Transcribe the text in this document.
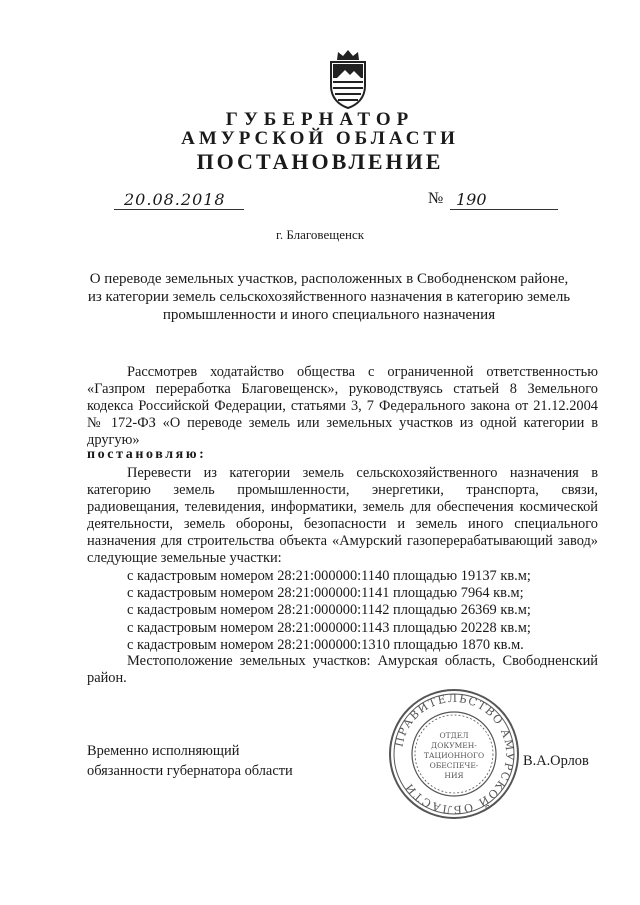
ГУБЕРНАТОР
АМУРСКОЙ ОБЛАСТИ
ПОСТАНОВЛЕНИЕ
20.08.2018	№ 190
г. Благовещенск
О переводе земельных участков, расположенных в Свободненском районе, из категории земель сельскохозяйственного назначения в категорию земель промышленности и иного специального назначения
Рассмотрев ходатайство общества с ограниченной ответственностью «Газпром переработка Благовещенск», руководствуясь статьей 8 Земельного кодекса Российской Федерации, статьями 3, 7 Федерального закона от 21.12.2004 № 172-ФЗ «О переводе земель или земельных участков из одной категории в другую»
постановляю:
Перевести из категории земель сельскохозяйственного назначения в категорию земель промышленности, энергетики, транспорта, связи, радиовещания, телевидения, информатики, земель для обеспечения космической деятельности, земель обороны, безопасности и земель иного специального назначения для строительства объекта «Амурский газоперерабатывающий завод» следующие земельные участки:
с кадастровым номером 28:21:000000:1140 площадью 19137 кв.м;
с кадастровым номером 28:21:000000:1141 площадью 7964 кв.м;
с кадастровым номером 28:21:000000:1142 площадью 26369 кв.м;
с кадастровым номером 28:21:000000:1143 площадью 20228 кв.м;
с кадастровым номером 28:21:000000:1310 площадью 1870 кв.м.
Местоположение земельных участков: Амурская область, Свободненский район.
Временно исполняющий
обязанности губернатора области
ПРАВИТЕЛЬСТВО АМУРСКОЙ ОБЛАСТИ
ОТДЕЛ
ДОКУМЕН-
ТАЦИОННОГО
ОБЕСПЕЧЕ-
НИЯ
В.А.Орлов
